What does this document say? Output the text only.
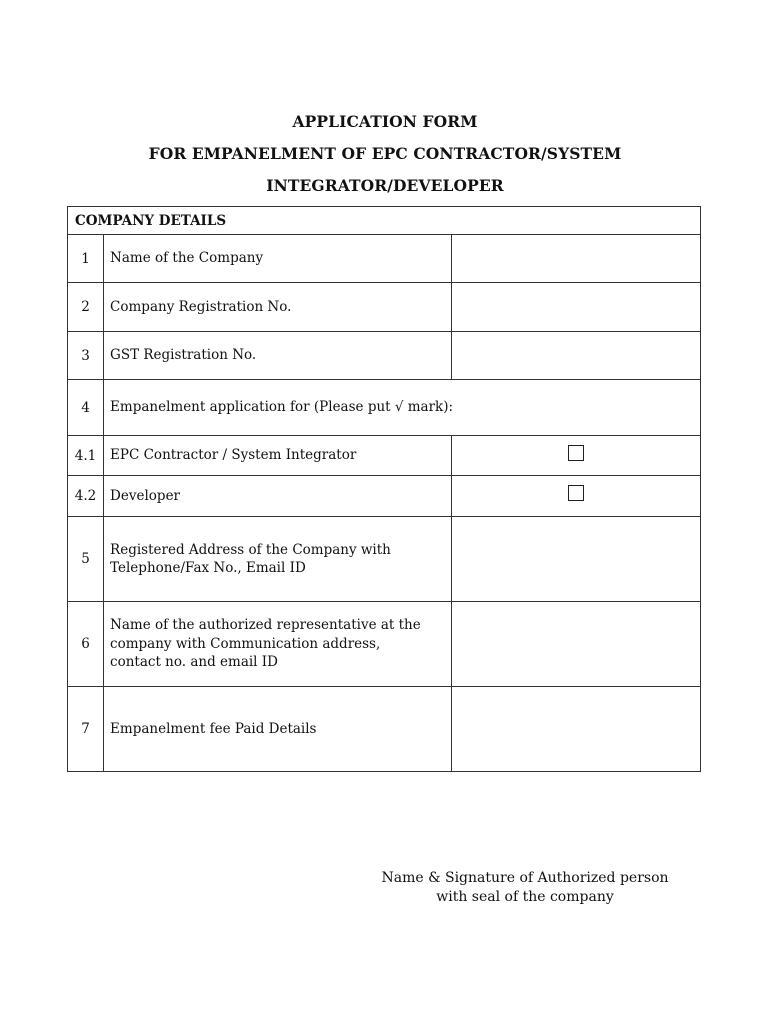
APPLICATION FORM
FOR EMPANELMENT OF EPC CONTRACTOR/SYSTEM
INTEGRATOR/DEVELOPER
COMPANY DETAILS		
1	Name of the Company	
2	Company Registration No.	
3	GST Registration No.	
4	Empanelment application for (Please put √ mark):	
4.1	EPC Contractor / System Integrator	

4.2	Developer	

5	Registered Address of the Company with
Telephone/Fax No., Email ID	

6	Name of the authorized representative at the
company with Communication address,
contact no. and email ID	

7	Empanelment fee Paid Details	
Name & Signature of Authorized person
with seal of the company
